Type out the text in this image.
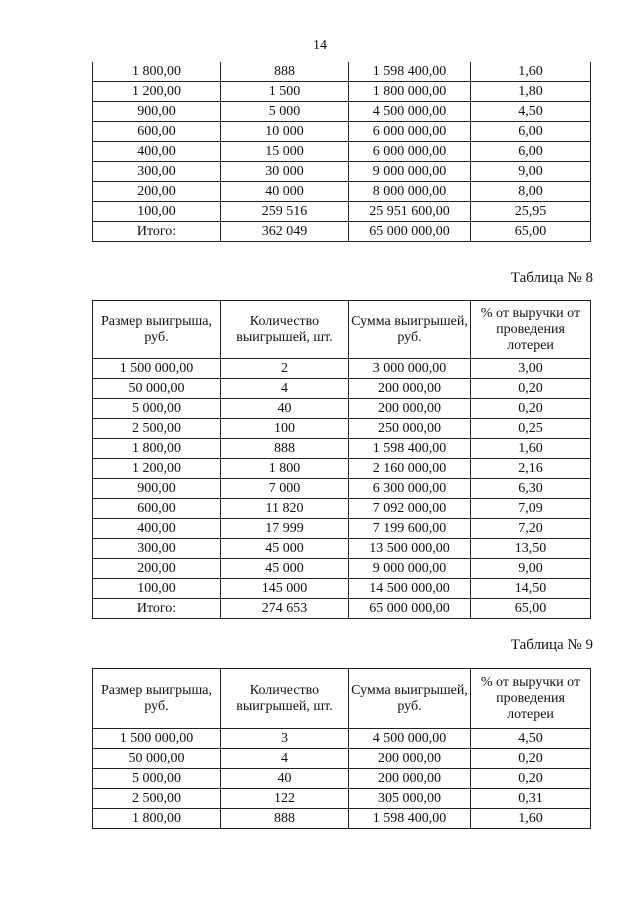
14
1 800,00	888	1 598 400,00	1,60
1 200,00	1 500	1 800 000,00	1,80
900,00	5 000	4 500 000,00	4,50
600,00	10 000	6 000 000,00	6,00
400,00	15 000	6 000 000,00	6,00
300,00	30 000	9 000 000,00	9,00
200,00	40 000	8 000 000,00	8,00
100,00	259 516	25 951 600,00	25,95
Итого:	362 049	65 000 000,00	65,00
Таблица № 8
Размер выигрыша, руб.	Количество выигрышей, шт.	Сумма выигрышей, руб.	% от выручки от проведения лотереи
1 500 000,00	2	3 000 000,00	3,00
50 000,00	4	200 000,00	0,20
5 000,00	40	200 000,00	0,20
2 500,00	100	250 000,00	0,25
1 800,00	888	1 598 400,00	1,60
1 200,00	1 800	2 160 000,00	2,16
900,00	7 000	6 300 000,00	6,30
600,00	11 820	7 092 000,00	7,09
400,00	17 999	7 199 600,00	7,20
300,00	45 000	13 500 000,00	13,50
200,00	45 000	9 000 000,00	9,00
100,00	145 000	14 500 000,00	14,50
Итого:	274 653	65 000 000,00	65,00
Таблица № 9
Размер выигрыша, руб.	Количество выигрышей, шт.	Сумма выигрышей, руб.	% от выручки от проведения лотереи
1 500 000,00	3	4 500 000,00	4,50
50 000,00	4	200 000,00	0,20
5 000,00	40	200 000,00	0,20
2 500,00	122	305 000,00	0,31
1 800,00	888	1 598 400,00	1,60
